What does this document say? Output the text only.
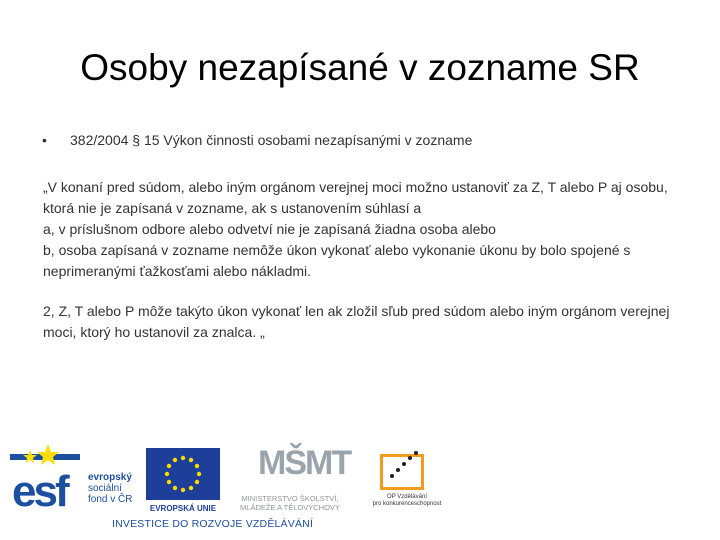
Osoby nezapísané v zozname SR
• 382/2004 § 15 Výkon činnosti osobami nezapísanými v zozname

„V konaní pred súdom, alebo iným orgánom verejnej moci možno ustanoviť za Z, T alebo P aj osobu, ktorá nie je zapísaná v zozname, ak s ustanovením súhlasí a

a, v príslušnom odbore alebo odvetví nie je zapísaná žiadna osoba alebo

b, osoba zapísaná v zozname nemôže úkon vykonať alebo vykonanie úkonu by bolo spojené s neprimeranými ťažkosťami alebo nákladmi.

2, Z, T alebo P môže takýto úkon vykonať len ak zložil sľub pred súdom alebo iným orgánom verejnej moci, ktorý ho ustanovil za znalca. „

esf evropský
sociální
fond v ČR
EVROPSKÁ UNIE
MŠMT
MINISTERSTVO ŠKOLSTVÍ,
MLÁDEŽE A TĚLOVÝCHOVY
OP Vzdělávání
pro konkurenceschopnost
INVESTICE DO ROZVOJE VZDĚLÁVÁNÍ
